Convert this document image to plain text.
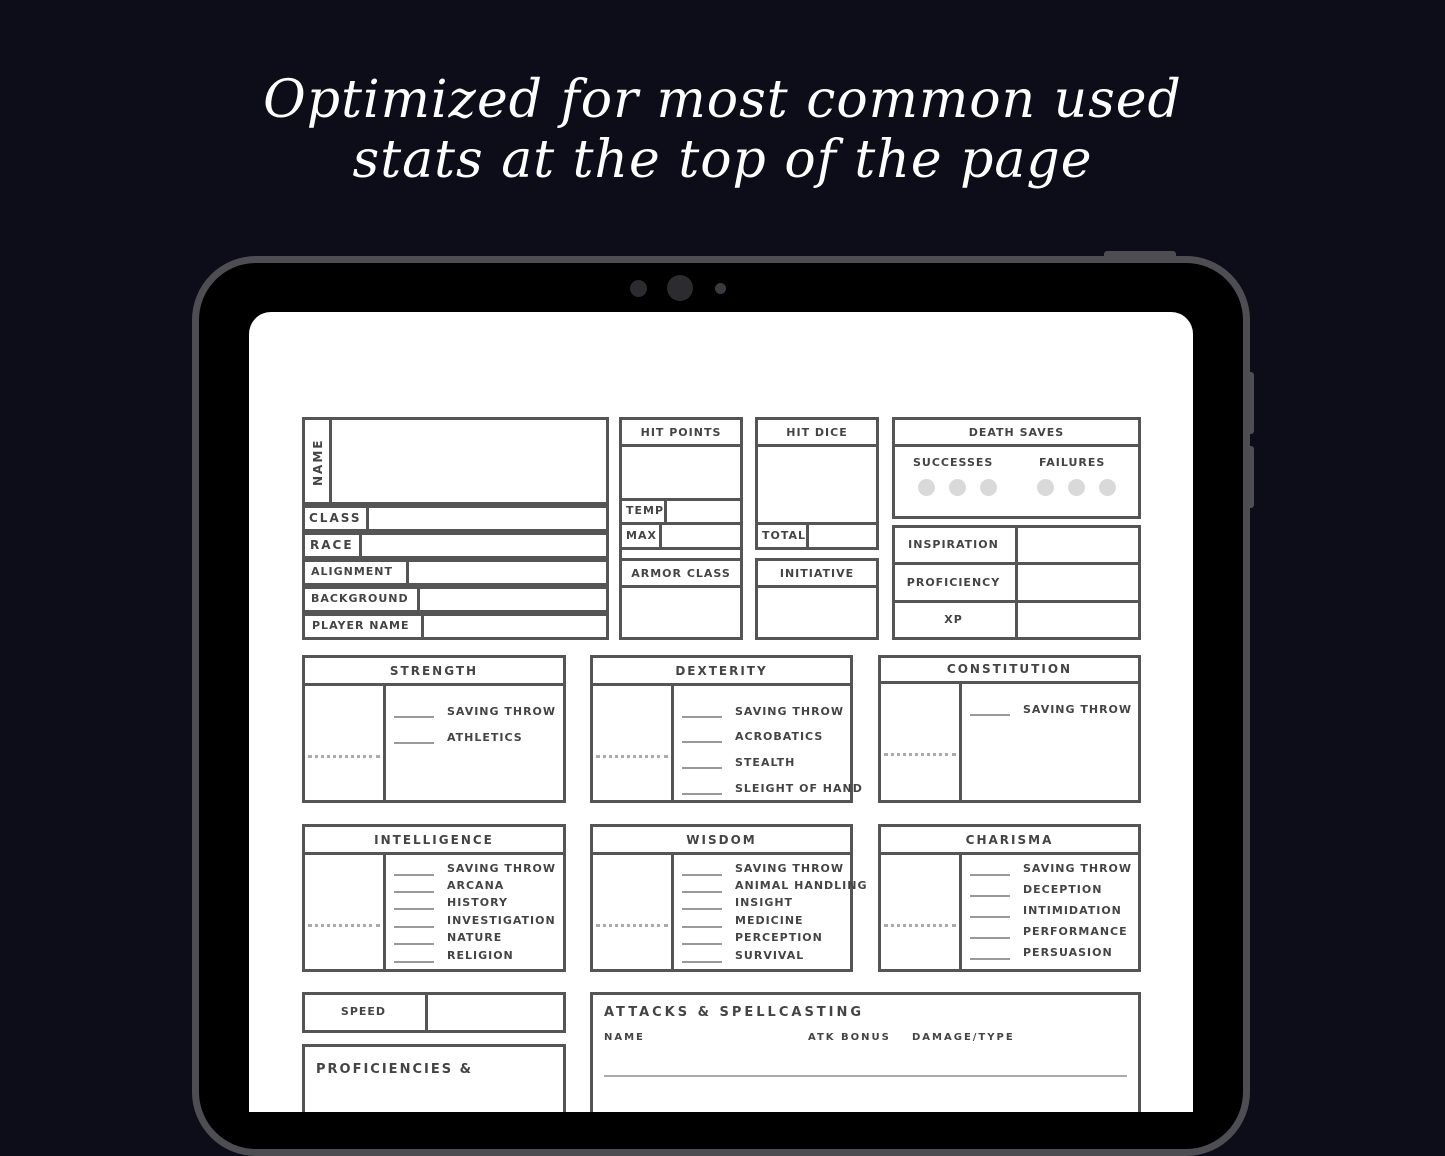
Optimized for most common used
stats at the top of the page
NAME
CLASS
RACE
ALIGNMENT
BACKGROUND
PLAYER NAME
HIT POINTS
TEMP
MAX
HIT DICE
TOTAL
ARMOR CLASS	INITIATIVE
DEATH SAVES
SUCCESSES	FAILURES
INSPIRATION
PROFICIENCY
XP
STRENGTH
SAVING THROW
ATHLETICS
DEXTERITY
SAVING THROW
ACROBATICS
STEALTH
SLEIGHT OF HAND
CONSTITUTION
SAVING THROW
INTELLIGENCE
SAVING THROW
ARCANA
HISTORY
INVESTIGATION
NATURE
RELIGION
WISDOM
SAVING THROW
ANIMAL HANDLING
INSIGHT
MEDICINE
PERCEPTION
SURVIVAL
CHARISMA
SAVING THROW
DECEPTION
INTIMIDATION
PERFORMANCE
PERSUASION
SPEED
PROFICIENCIES &
ATTACKS & SPELLCASTING
NAME	ATK BONUS DAMAGE/TYPE
